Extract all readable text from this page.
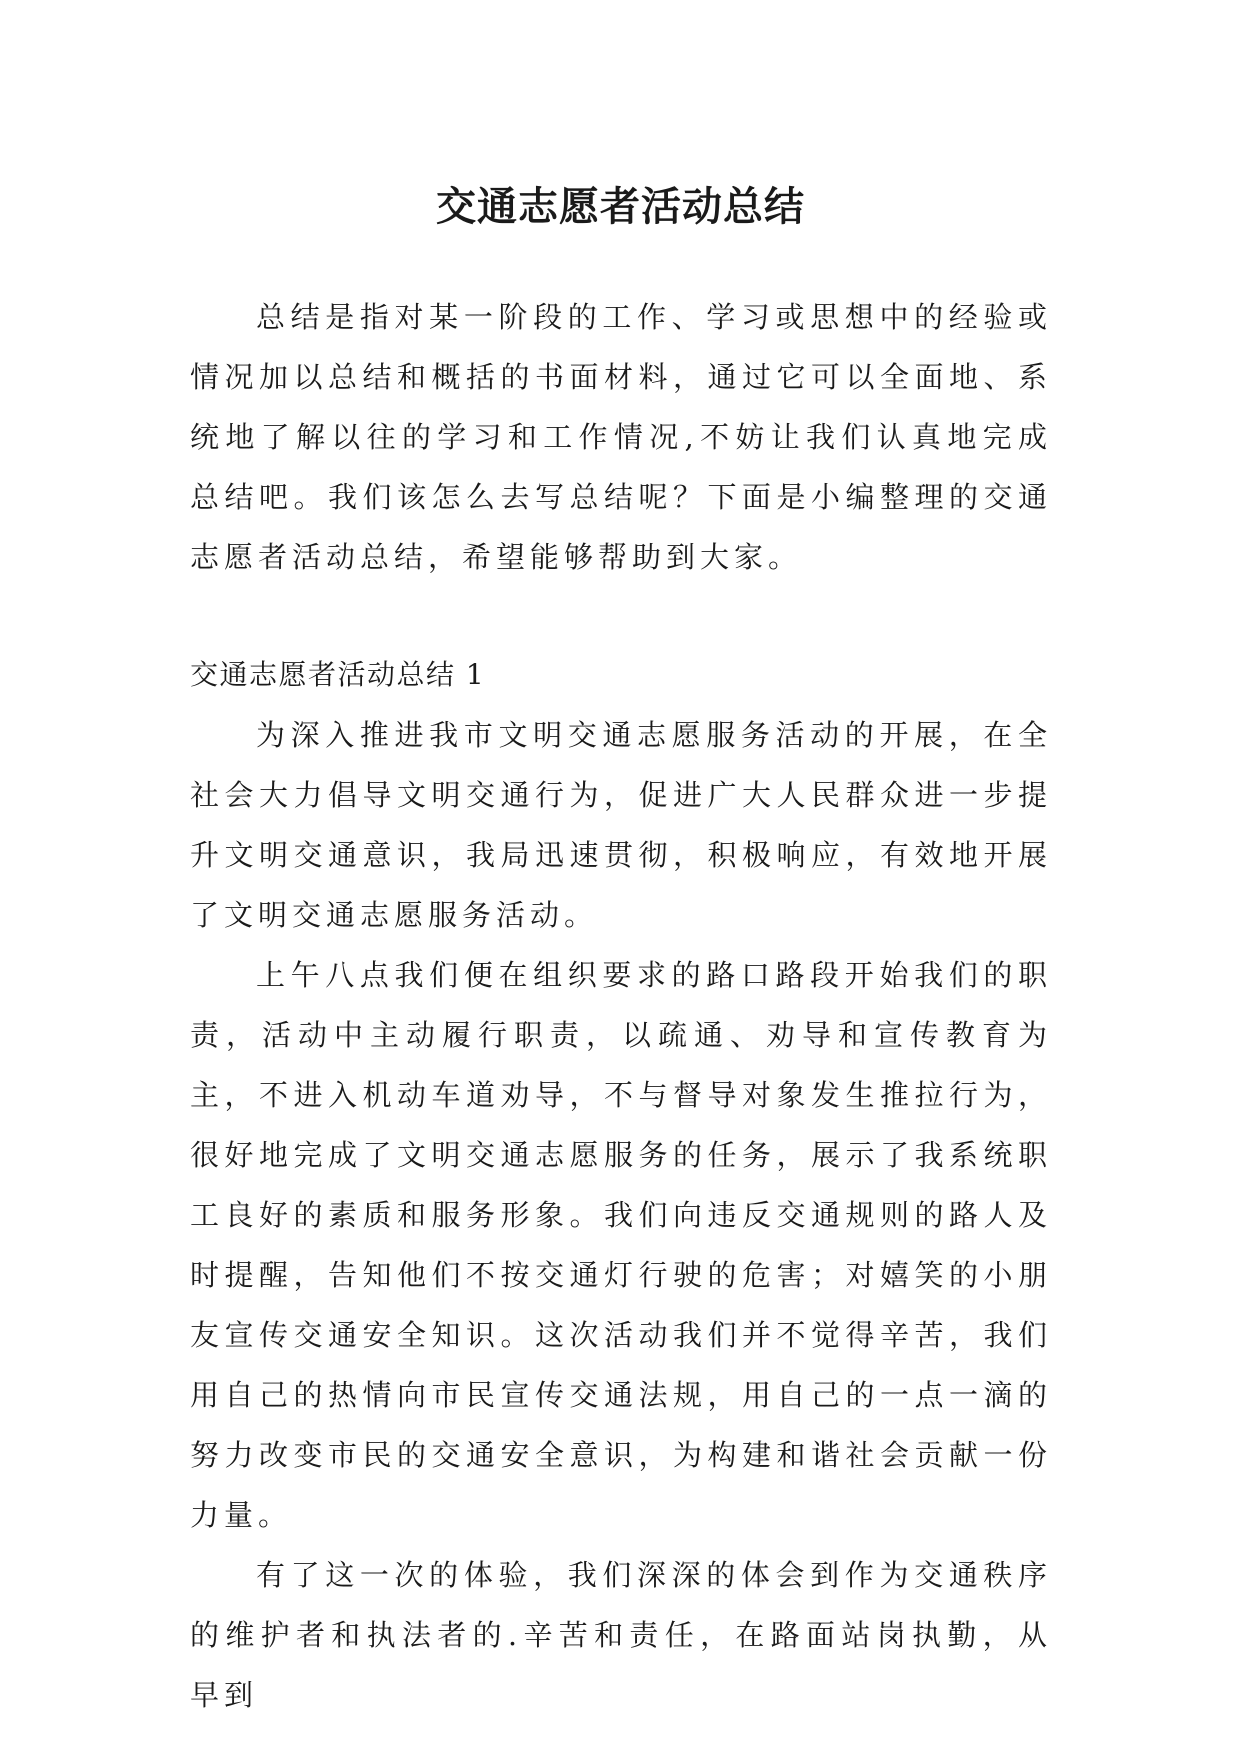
交通志愿者活动总结

总结是指对某一阶段的工作、学习或思想中的经验或情况加以总结和概括的书面材料，通过它可以全面地、系统地了解以往的学习和工作情况,不妨让我们认真地完成总结吧。我们该怎么去写总结呢？下面是小编整理的交通志愿者活动总结，希望能够帮助到大家。

交通志愿者活动总结 1

为深入推进我市文明交通志愿服务活动的开展，在全社会大力倡导文明交通行为，促进广大人民群众进一步提升文明交通意识，我局迅速贯彻，积极响应，有效地开展了文明交通志愿服务活动。

上午八点我们便在组织要求的路口路段开始我们的职责，活动中主动履行职责，以疏通、劝导和宣传教育为主，不进入机动车道劝导，不与督导对象发生推拉行为，很好地完成了文明交通志愿服务的任务，展示了我系统职工良好的素质和服务形象。我们向违反交通规则的路人及时提醒，告知他们不按交通灯行驶的危害；对嬉笑的小朋友宣传交通安全知识。这次活动我们并不觉得辛苦，我们用自己的热情向市民宣传交通法规，用自己的一点一滴的努力改变市民的交通安全意识，为构建和谐社会贡献一份力量。

有了这一次的体验，我们深深的体会到作为交通秩序的维护者和执法者的.辛苦和责任，在路面站岗执勤，从早到
